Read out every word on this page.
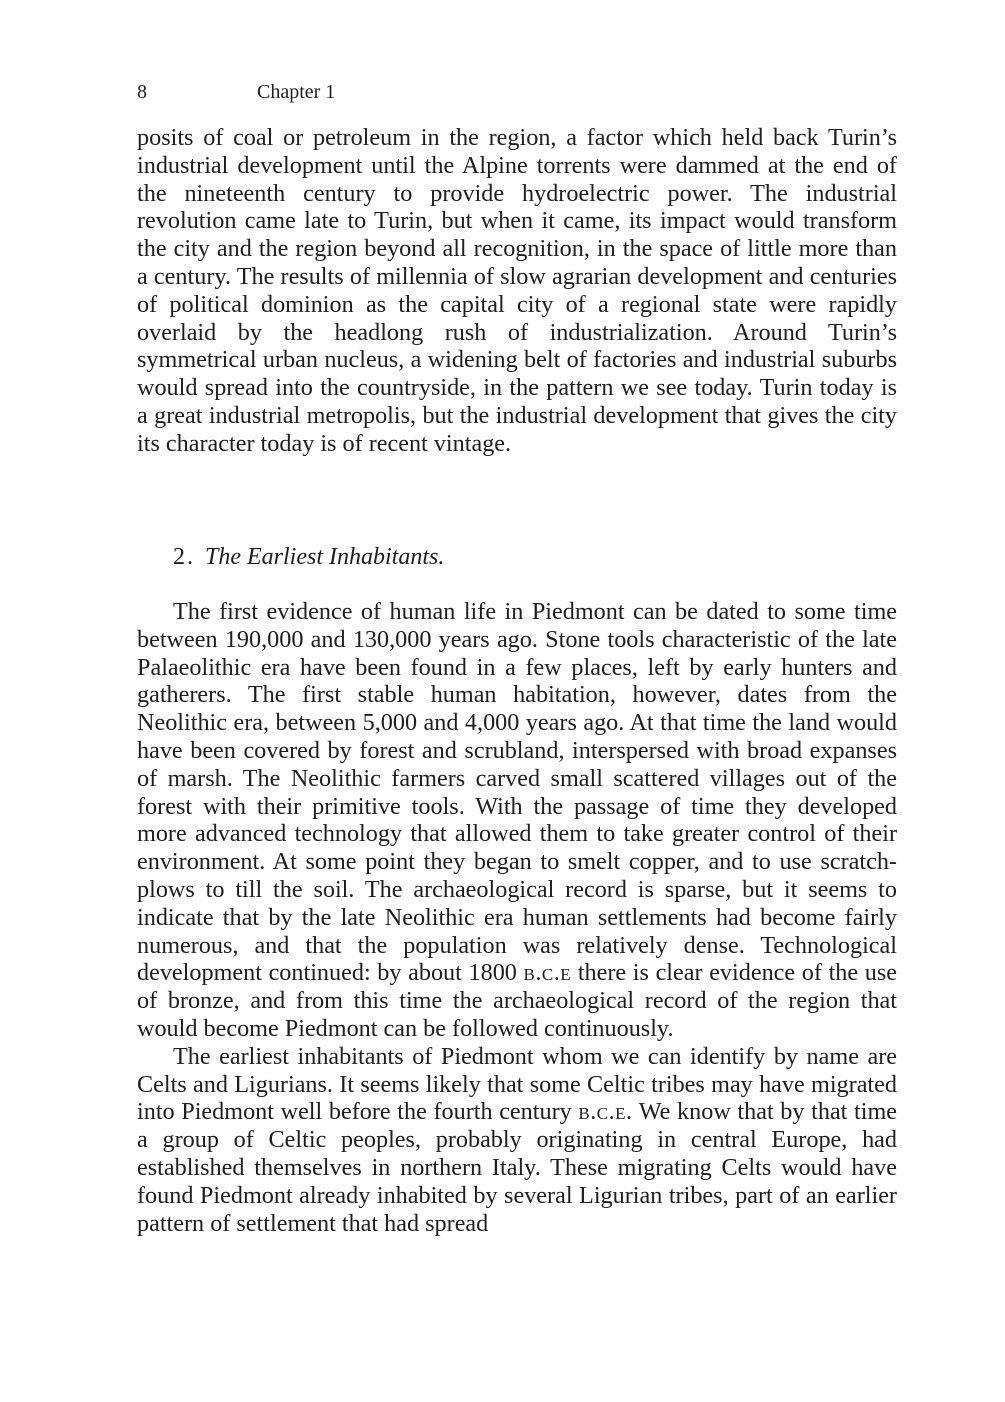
8	Chapter 1

posits of coal or petroleum in the region, a factor which held back Turin’s industrial development until the Alpine torrents were dammed at the end of the nineteenth century to provide hydroelectric power. The industrial revolution came late to Turin, but when it came, its impact would transform the city and the region beyond all recognition, in the space of little more than a century. The results of millennia of slow agrarian development and centuries of political dominion as the capital city of a regional state were rapidly overlaid by the headlong rush of industrialization. Around Turin’s symmetrical urban nucleus, a widening belt of factories and industrial suburbs would spread into the countryside, in the pattern we see today. Turin today is a great industrial metropolis, but the industrial development that gives the city its character today is of recent vintage.

2. The Earliest Inhabitants.

The first evidence of human life in Piedmont can be dated to some time between 190,000 and 130,000 years ago. Stone tools characteristic of the late Palaeolithic era have been found in a few places, left by early hunters and gatherers. The first stable human habitation, however, dates from the Neolithic era, between 5,000 and 4,000 years ago. At that time the land would have been covered by forest and scrubland, interspersed with broad expanses of marsh. The Neolithic farmers carved small scattered villages out of the forest with their primitive tools. With the passage of time they developed more advanced technology that allowed them to take greater control of their environment. At some point they began to smelt copper, and to use scratch-plows to till the soil. The archaeological record is sparse, but it seems to indicate that by the late Neolithic era human settlements had become fairly numerous, and that the population was relatively dense. Technological development continued: by about 1800 b.c.e there is clear evidence of the use of bronze, and from this time the archaeological record of the region that would become Piedmont can be followed continuously.

The earliest inhabitants of Piedmont whom we can identify by name are Celts and Ligurians. It seems likely that some Celtic tribes may have migrated into Piedmont well before the fourth century b.c.e. We know that by that time a group of Celtic peoples, probably originating in central Europe, had established themselves in northern Italy. These migrating Celts would have found Piedmont already inhabited by several Ligurian tribes, part of an earlier pattern of settlement that had spread
